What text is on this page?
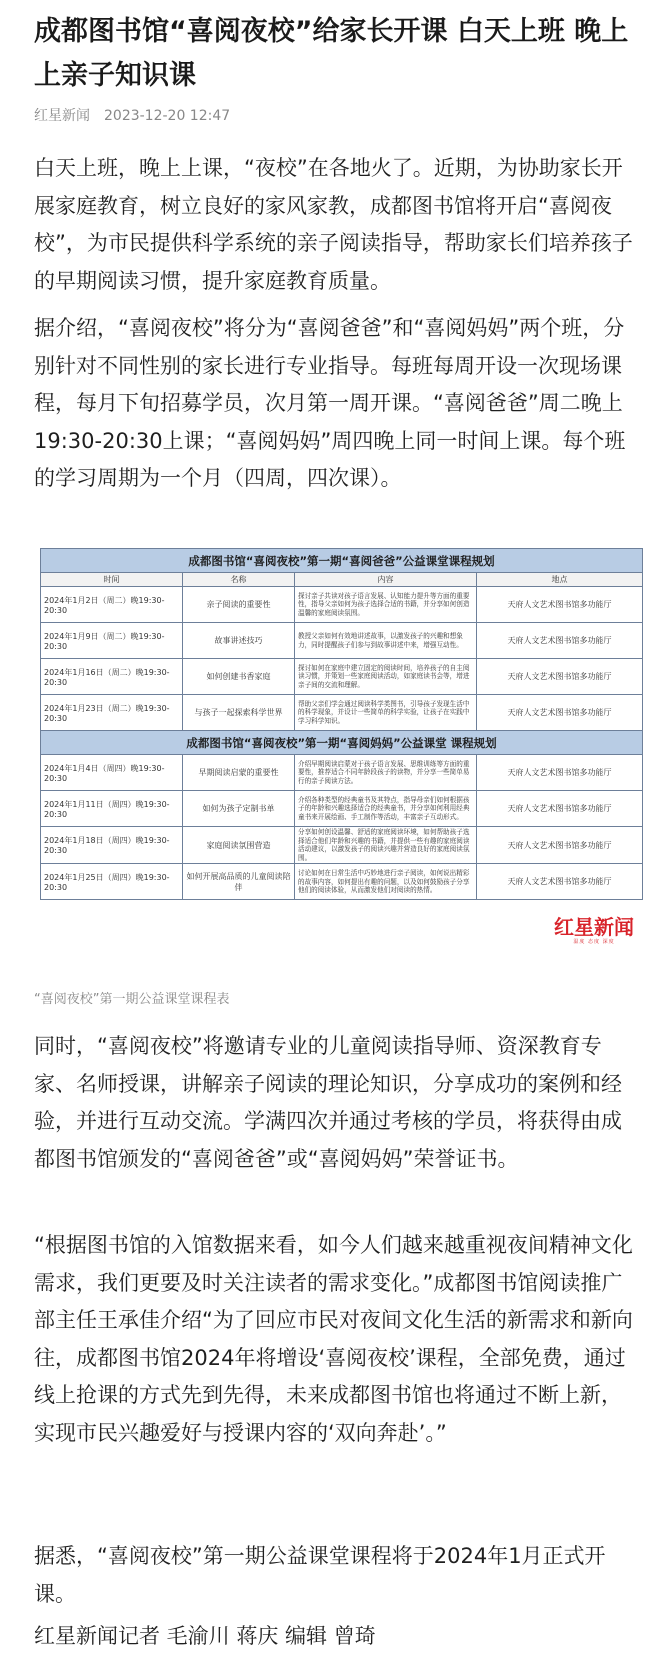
成都图书馆“喜阅夜校”给家长开课 白天上班 晚上上亲子知识课
红星新闻 2023-12-20 12:47

白天上班，晚上上课，“夜校”在各地火了。近期，为协助家长开展家庭教育，树立良好的家风家教，成都图书馆将开启“喜阅夜校”，为市民提供科学系统的亲子阅读指导，帮助家长们培养孩子的早期阅读习惯，提升家庭教育质量。

据介绍，“喜阅夜校”将分为“喜阅爸爸”和“喜阅妈妈”两个班，分别针对不同性别的家长进行专业指导。每班每周开设一次现场课程，每月下旬招募学员，次月第一周开课。“喜阅爸爸”周二晚上19:30-20:30上课；“喜阅妈妈”周四晚上同一时间上课。每个班的学习周期为一个月（四周，四次课）。

成都图书馆“喜阅夜校”第一期“喜阅爸爸”公益课堂课程规划			
时间	名称	内容	地点
2024年1月2日（周二）晚19:30-20:30	亲子阅读的重要性	探讨亲子共读对孩子语言发展、认知能力提升等方面的重要性，指导父亲如何为孩子选择合适的书籍，并分享如何创造温馨的家庭阅读氛围。	天府人文艺术图书馆多功能厅
2024年1月9日（周二）晚19:30-20:30	故事讲述技巧	教授父亲如何有效地讲述故事，以激发孩子的兴趣和想象力，同时提醒孩子们参与到故事讲述中来，增强互动性。	天府人文艺术图书馆多功能厅
2024年1月16日（周二）晚19:30-20:30	如何创建书香家庭	探讨如何在家庭中建立固定的阅读时间，培养孩子的自主阅读习惯，并策划一些家庭阅读活动，如家庭读书会等，增进亲子间的交流和理解。	天府人文艺术图书馆多功能厅
2024年1月23日（周二）晚19:30-20:30	与孩子一起探索科学世界	帮助父亲们学会通过阅读科学类图书，引导孩子发现生活中的科学现象，并设计一些简单的科学实验，让孩子在实践中学习科学知识。	天府人文艺术图书馆多功能厅
成都图书馆“喜阅夜校”第一期“喜阅妈妈”公益课堂 课程规划			
2024年1月4日（周四）晚19:30-20:30	早期阅读启蒙的重要性	介绍早期阅读启蒙对于孩子语言发展、思维训练等方面的重要性，推荐适合不同年龄段孩子的读物，并分享一些简单易行的亲子阅读方法。	天府人文艺术图书馆多功能厅
2024年1月11日（周四）晚19:30-20:30	如何为孩子定制书单	介绍各种类型的经典童书及其特点，指导母亲们如何根据孩子的年龄和兴趣选择适合的经典童书，并分享如何利用经典童书来开展绘画、手工制作等活动，丰富亲子互动形式。	天府人文艺术图书馆多功能厅
2024年1月18日（周四）晚19:30-20:30	家庭阅读氛围营造	分享如何创设温馨、舒适的家庭阅读环境，如何帮助孩子选择适合他们年龄和兴趣的书籍，并提供一些有趣的家庭阅读活动建议，以激发孩子的阅读兴趣并营造良好的家庭阅读氛围。	天府人文艺术图书馆多功能厅
2024年1月25日（周四）晚19:30-20:30	如何开展高品质的儿童阅读陪伴	讨论如何在日常生活中巧妙地进行亲子阅读，如何说出精彩的故事内容，如何提出有趣的问题，以及如何鼓励孩子分享他们的阅读体验，从而激发他们对阅读的热情。	天府人文艺术图书馆多功能厅
红星新闻
温度 态度 深度
“喜阅夜校”第一期公益课堂课程表

同时，“喜阅夜校”将邀请专业的儿童阅读指导师、资深教育专家、名师授课，讲解亲子阅读的理论知识，分享成功的案例和经验，并进行互动交流。学满四次并通过考核的学员，将获得由成都图书馆颁发的“喜阅爸爸”或“喜阅妈妈”荣誉证书。

“根据图书馆的入馆数据来看，如今人们越来越重视夜间精神文化需求，我们更要及时关注读者的需求变化。”成都图书馆阅读推广部主任王承佳介绍“为了回应市民对夜间文化生活的新需求和新向往，成都图书馆2024年将增设‘喜阅夜校’课程，全部免费，通过线上抢课的方式先到先得，未来成都图书馆也将通过不断上新，实现市民兴趣爱好与授课内容的‘双向奔赴’。”

据悉，“喜阅夜校”第一期公益课堂课程将于2024年1月正式开课。

红星新闻记者 毛渝川 蒋庆 编辑 曾琦
